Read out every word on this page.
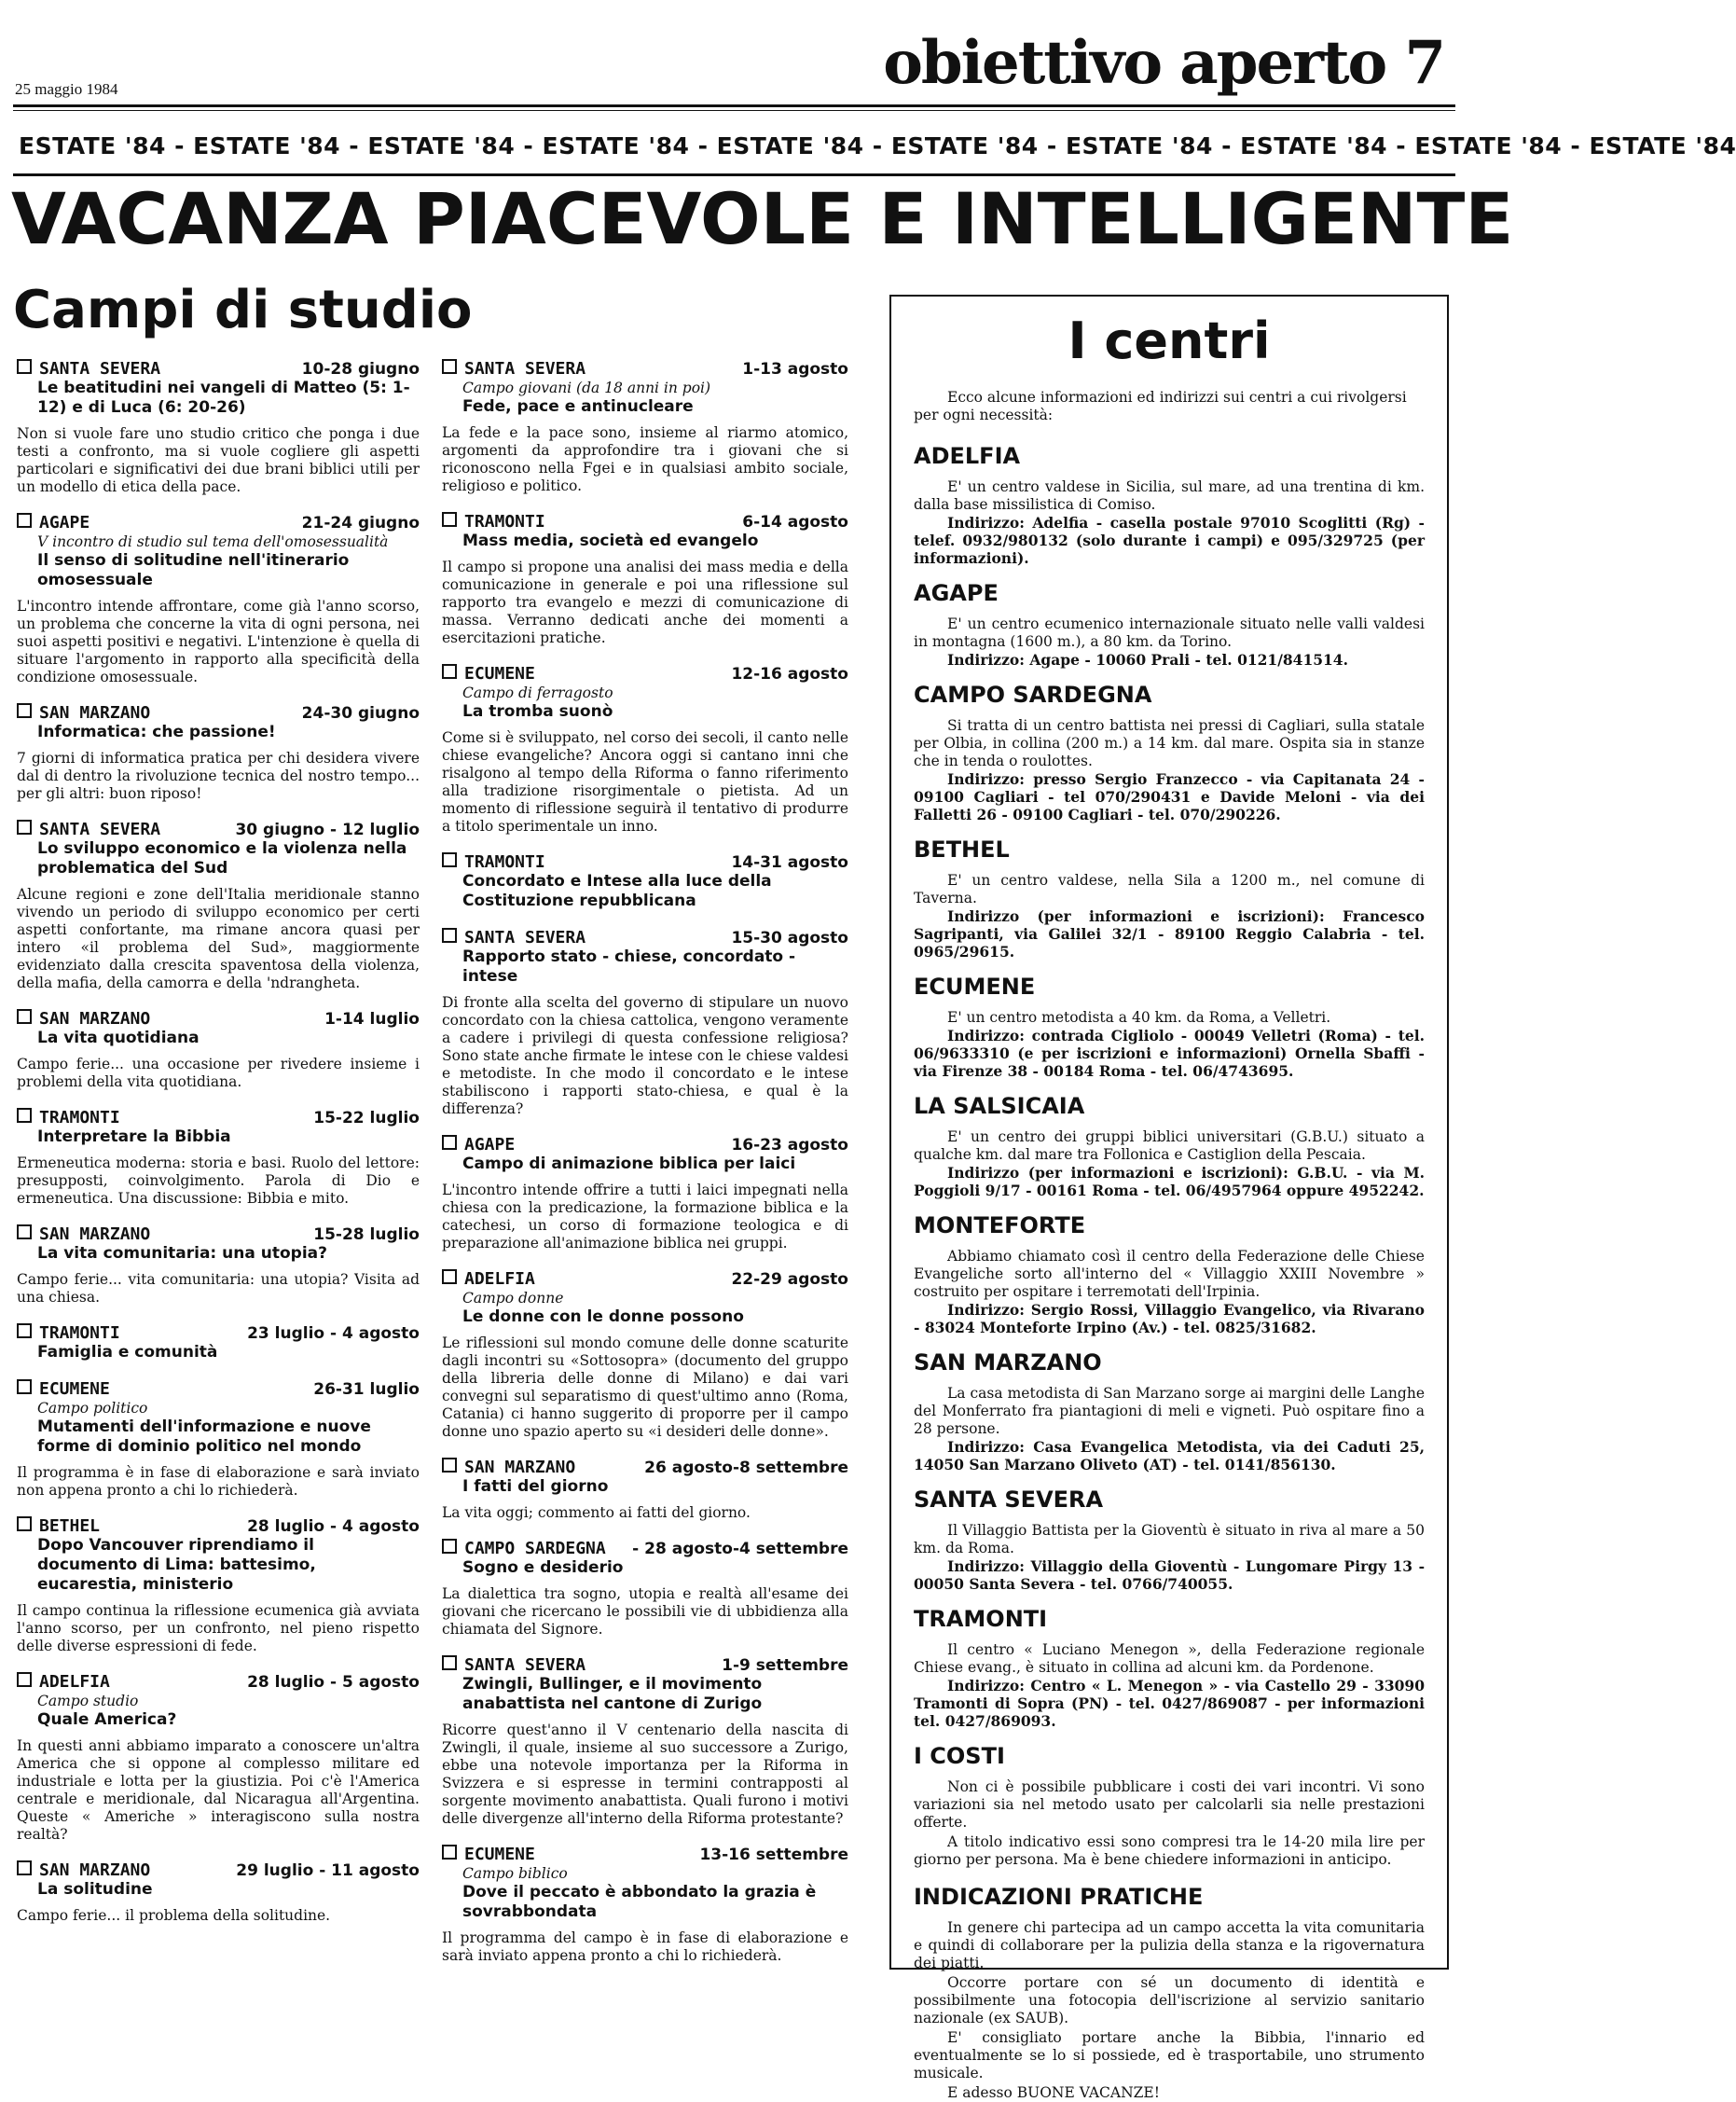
25 maggio 1984	obiettivo aperto 7
ESTATE '84 - ESTATE '84 - ESTATE '84 - ESTATE '84 - ESTATE '84 - ESTATE '84 - ESTATE '84 - ESTATE '84 - ESTATE '84 - ESTATE '84
VACANZA PIACEVOLE E INTELLIGENTE
Campi di studio
SANTA SEVERA	10-28 giugno
Le beatitudini nei vangeli di Matteo (5: 1-12) e di Luca (6: 20-26)
Non si vuole fare uno studio critico che ponga i due testi a confronto, ma si vuole cogliere gli aspetti particolari e significativi dei due brani biblici utili per un modello di etica della pace.
AGAPE	21-24 giugno
V incontro di studio sul tema dell'omosessualità
Il senso di solitudine nell'itinerario omosessuale
L'incontro intende affrontare, come già l'anno scorso, un problema che concerne la vita di ogni persona, nei suoi aspetti positivi e negativi. L'intenzione è quella di situare l'argomento in rapporto alla specificità della condizione omosessuale.
SAN MARZANO	24-30 giugno
Informatica: che passione!
7 giorni di informatica pratica per chi desidera vivere dal di dentro la rivoluzione tecnica del nostro tempo... per gli altri: buon riposo!
SANTA SEVERA	30 giugno - 12 luglio
Lo sviluppo economico e la violenza nella problematica del Sud
Alcune regioni e zone dell'Italia meridionale stanno vivendo un periodo di sviluppo economico per certi aspetti confortante, ma rimane ancora quasi per intero «il problema del Sud», maggiormente evidenziato dalla crescita spaventosa della violenza, della mafia, della camorra e della 'ndrangheta.
SAN MARZANO	1-14 luglio
La vita quotidiana
Campo ferie... una occasione per rivedere insieme i problemi della vita quotidiana.
TRAMONTI	15-22 luglio
Interpretare la Bibbia
Ermeneutica moderna: storia e basi. Ruolo del lettore: presupposti, coinvolgimento. Parola di Dio e ermeneutica. Una discussione: Bibbia e mito.
SAN MARZANO	15-28 luglio
La vita comunitaria: una utopia?
Campo ferie... vita comunitaria: una utopia? Visita ad una chiesa.
TRAMONTI	23 luglio - 4 agosto
Famiglia e comunità
ECUMENE	26-31 luglio
Campo politico
Mutamenti dell'informazione e nuove forme di dominio politico nel mondo
Il programma è in fase di elaborazione e sarà inviato non appena pronto a chi lo richiederà.
BETHEL	28 luglio - 4 agosto
Dopo Vancouver riprendiamo il documento di Lima: battesimo, eucarestia, ministerio
Il campo continua la riflessione ecumenica già avviata l'anno scorso, per un confronto, nel pieno rispetto delle diverse espressioni di fede.
ADELFIA	28 luglio - 5 agosto
Campo studio
Quale America?
In questi anni abbiamo imparato a conoscere un'altra America che si oppone al complesso militare ed industriale e lotta per la giustizia. Poi c'è l'America centrale e meridionale, dal Nicaragua all'Argentina. Queste « Americhe » interagiscono sulla nostra realtà?
SAN MARZANO	29 luglio - 11 agosto
La solitudine
Campo ferie... il problema della solitudine.
SANTA SEVERA	1-13 agosto
Campo giovani (da 18 anni in poi)
Fede, pace e antinucleare
La fede e la pace sono, insieme al riarmo atomico, argomenti da approfondire tra i giovani che si riconoscono nella Fgei e in qualsiasi ambito sociale, religioso e politico.
TRAMONTI	6-14 agosto
Mass media, società ed evangelo
Il campo si propone una analisi dei mass media e della comunicazione in generale e poi una riflessione sul rapporto tra evangelo e mezzi di comunicazione di massa. Verranno dedicati anche dei momenti a esercitazioni pratiche.
ECUMENE	12-16 agosto
Campo di ferragosto
La tromba suonò
Come si è sviluppato, nel corso dei secoli, il canto nelle chiese evangeliche? Ancora oggi si cantano inni che risalgono al tempo della Riforma o fanno riferimento alla tradizione risorgimentale o pietista. Ad un momento di riflessione seguirà il tentativo di produrre a titolo sperimentale un inno.
TRAMONTI	14-31 agosto
Concordato e Intese alla luce della Costituzione repubblicana
SANTA SEVERA	15-30 agosto
Rapporto stato - chiese, concordato - intese
Di fronte alla scelta del governo di stipulare un nuovo concordato con la chiesa cattolica, vengono veramente a cadere i privilegi di questa confessione religiosa? Sono state anche firmate le intese con le chiese valdesi e metodiste. In che modo il concordato e le intese stabiliscono i rapporti stato-chiesa, e qual è la differenza?
AGAPE	16-23 agosto
Campo di animazione biblica per laici
L'incontro intende offrire a tutti i laici impegnati nella chiesa con la predicazione, la formazione biblica e la catechesi, un corso di formazione teologica e di preparazione all'animazione biblica nei gruppi.
ADELFIA	22-29 agosto
Campo donne
Le donne con le donne possono
Le riflessioni sul mondo comune delle donne scaturite dagli incontri su «Sottosopra» (documento del gruppo della libreria delle donne di Milano) e dai vari convegni sul separatismo di quest'ultimo anno (Roma, Catania) ci hanno suggerito di proporre per il campo donne uno spazio aperto su «i desideri delle donne».
SAN MARZANO	26 agosto-8 settembre
I fatti del giorno
La vita oggi; commento ai fatti del giorno.
CAMPO SARDEGNA - 28 agosto-4 settembre
Sogno e desiderio
La dialettica tra sogno, utopia e realtà all'esame dei giovani che ricercano le possibili vie di ubbidienza alla chiamata del Signore.
SANTA SEVERA	1-9 settembre
Zwingli, Bullinger, e il movimento anabattista nel cantone di Zurigo
Ricorre quest'anno il V centenario della nascita di Zwingli, il quale, insieme al suo successore a Zurigo, ebbe una notevole importanza per la Riforma in Svizzera e si espresse in termini contrapposti al sorgente movimento anabattista. Quali furono i motivi delle divergenze all'interno della Riforma protestante?
ECUMENE	13-16 settembre
Campo biblico
Dove il peccato è abbondato la grazia è sovrabbondata
Il programma del campo è in fase di elaborazione e sarà inviato appena pronto a chi lo richiederà.
I centri
Ecco alcune informazioni ed indirizzi sui centri a cui rivolgersi per ogni necessità:
ADELFIA
E' un centro valdese in Sicilia, sul mare, ad una trentina di km. dalla base missilistica di Comiso.
Indirizzo: Adelfia - casella postale 97010 Scoglitti (Rg) - telef. 0932/980132 (solo durante i campi) e 095/329725 (per informazioni).
AGAPE
E' un centro ecumenico internazionale situato nelle valli valdesi in montagna (1600 m.), a 80 km. da Torino.
Indirizzo: Agape - 10060 Prali - tel. 0121/841514.
CAMPO SARDEGNA
Si tratta di un centro battista nei pressi di Cagliari, sulla statale per Olbia, in collina (200 m.) a 14 km. dal mare. Ospita sia in stanze che in tenda o roulottes.
Indirizzo: presso Sergio Franzecco - via Capitanata 24 - 09100 Cagliari - tel 070/290431 e Davide Meloni - via dei Falletti 26 - 09100 Cagliari - tel. 070/290226.
BETHEL
E' un centro valdese, nella Sila a 1200 m., nel comune di Taverna.
Indirizzo (per informazioni e iscrizioni): Francesco Sagripanti, via Galilei 32/1 - 89100 Reggio Calabria - tel. 0965/29615.
ECUMENE
E' un centro metodista a 40 km. da Roma, a Velletri.
Indirizzo: contrada Cigliolo - 00049 Velletri (Roma) - tel. 06/9633310 (e per iscrizioni e informazioni) Ornella Sbaffi - via Firenze 38 - 00184 Roma - tel. 06/4743695.
LA SALSICAIA
E' un centro dei gruppi biblici universitari (G.B.U.) situato a qualche km. dal mare tra Follonica e Castiglion della Pescaia.
Indirizzo (per informazioni e iscrizioni): G.B.U. - via M. Poggioli 9/17 - 00161 Roma - tel. 06/4957964 oppure 4952242.
MONTEFORTE
Abbiamo chiamato così il centro della Federazione delle Chiese Evangeliche sorto all'interno del « Villaggio XXIII Novembre » costruito per ospitare i terremotati dell'Irpinia.
Indirizzo: Sergio Rossi, Villaggio Evangelico, via Rivarano - 83024 Monteforte Irpino (Av.) - tel. 0825/31682.
SAN MARZANO
La casa metodista di San Marzano sorge ai margini delle Langhe del Monferrato fra piantagioni di meli e vigneti. Può ospitare fino a 28 persone.
Indirizzo: Casa Evangelica Metodista, via dei Caduti 25, 14050 San Marzano Oliveto (AT) - tel. 0141/856130.
SANTA SEVERA
Il Villaggio Battista per la Gioventù è situato in riva al mare a 50 km. da Roma.
Indirizzo: Villaggio della Gioventù - Lungomare Pirgy 13 - 00050 Santa Severa - tel. 0766/740055.
TRAMONTI
Il centro « Luciano Menegon », della Federazione regionale Chiese evang., è situato in collina ad alcuni km. da Pordenone.
Indirizzo: Centro « L. Menegon » - via Castello 29 - 33090 Tramonti di Sopra (PN) - tel. 0427/869087 - per informazioni tel. 0427/869093.
I COSTI
Non ci è possibile pubblicare i costi dei vari incontri. Vi sono variazioni sia nel metodo usato per calcolarli sia nelle prestazioni offerte.
A titolo indicativo essi sono compresi tra le 14-20 mila lire per giorno per persona. Ma è bene chiedere informazioni in anticipo.
INDICAZIONI PRATICHE
In genere chi partecipa ad un campo accetta la vita comunitaria e quindi di collaborare per la pulizia della stanza e la rigovernatura dei piatti.
Occorre portare con sé un documento di identità e possibilmente una fotocopia dell'iscrizione al servizio sanitario nazionale (ex SAUB).
E' consigliato portare anche la Bibbia, l'innario ed eventualmente se lo si possiede, ed è trasportabile, uno strumento musicale.
E adesso BUONE VACANZE!
